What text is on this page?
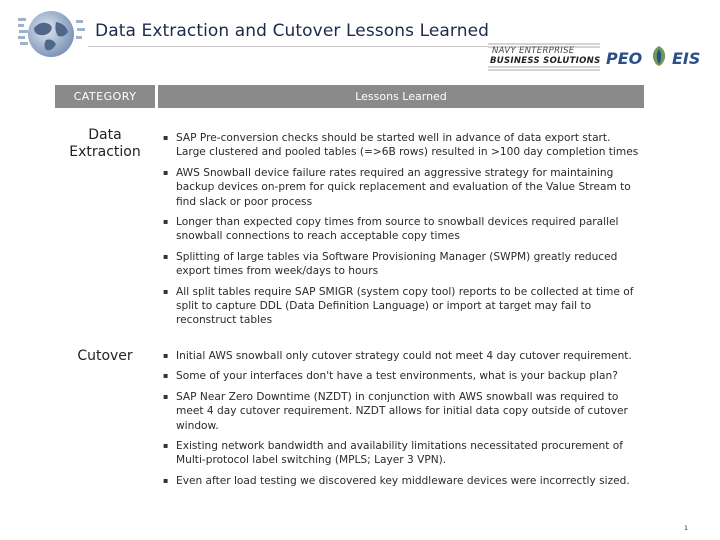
Data Extraction and Cutover Lessons Learned
NAVY ENTERPRISE
BUSINESS SOLUTIONS PEO EIS
CATEGORY	Lessons Learned
Data Extraction
▪ SAP Pre-conversion checks should be started well in advance of data export start. Large clustered and pooled tables (=>6B rows) resulted in >100 day completion times
▪ AWS Snowball device failure rates required an aggressive strategy for maintaining backup devices on-prem for quick replacement and evaluation of the Value Stream to find slack or poor process
▪ Longer than expected copy times from source to snowball devices required parallel snowball connections to reach acceptable copy times
▪ Splitting of large tables via Software Provisioning Manager (SWPM) greatly reduced export times from week/days to hours
▪ All split tables require SAP SMIGR (system copy tool) reports to be collected at time of split to capture DDL (Data Definition Language) or import at target may fail to reconstruct tables
Cutover
▪	Initial AWS snowball only cutover strategy could not meet 4 day cutover requirement.
▪ Some of your interfaces don't have a test environments, what is your backup plan?
▪ SAP Near Zero Downtime (NZDT) in conjunction with AWS snowball was required to meet 4 day cutover requirement. NZDT allows for initial data copy outside of cutover window.
▪ Existing network bandwidth and availability limitations necessitated procurement of Multi-protocol label switching (MPLS; Layer 3 VPN).
▪ Even after load testing we discovered key middleware devices were incorrectly sized.
1
